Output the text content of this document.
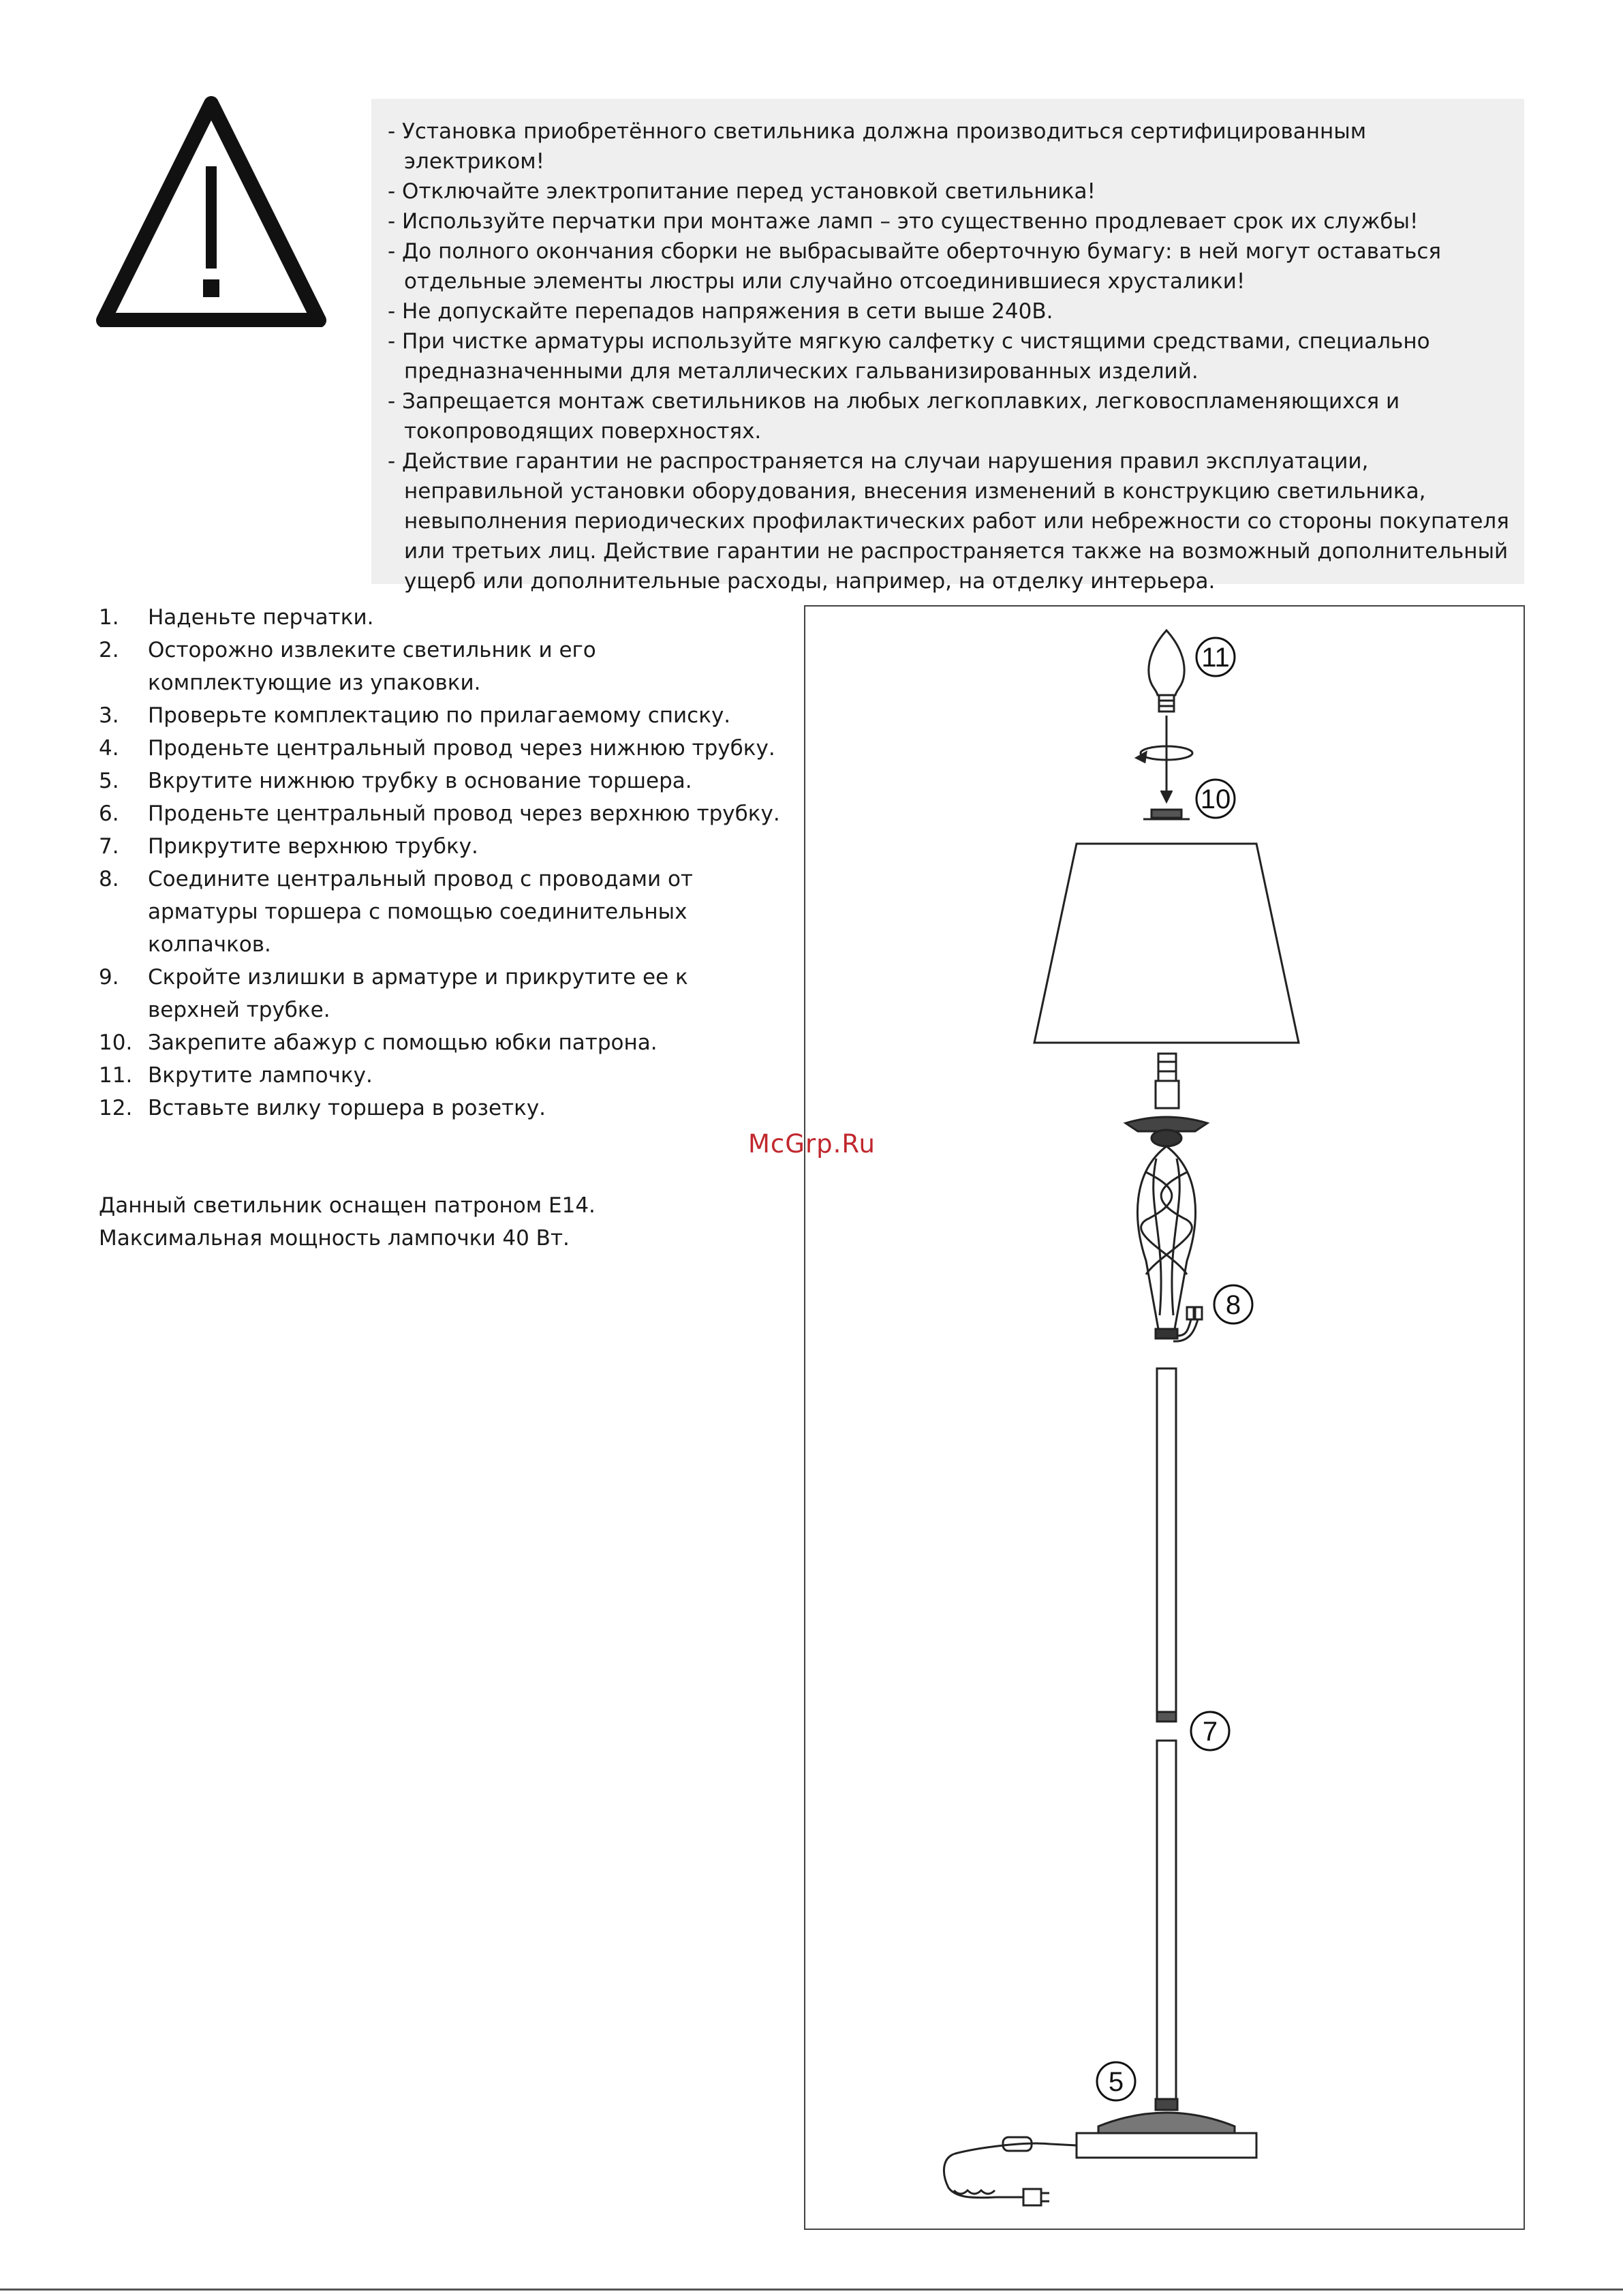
- Установка приобретённого светильника должна производиться сертифицированным электриком!
- Отключайте электропитание перед установкой светильника!
- Используйте перчатки при монтаже ламп – это существенно продлевает срок их службы!
- До полного окончания сборки не выбрасывайте оберточную бумагу: в ней могут оставаться отдельные элементы люстры или случайно отсоединившиеся хрусталики!
- Не допускайте перепадов напряжения в сети выше 240В.
- При чистке арматуры используйте мягкую салфетку с чистящими средствами, специально предназначенными для металлических гальванизированных изделий.
- Запрещается монтаж светильников на любых легкоплавких, легковоспламеняющихся и токопроводящих поверхностях.
- Действие гарантии не распространяется на случаи нарушения правил эксплуатации, неправильной установки оборудования, внесения изменений в конструкцию светильника, невыполнения периодических профилактических работ или небрежности со стороны покупателя или третьих лиц. Действие гарантии не распространяется также на возможный дополнительный ущерб или дополнительные расходы, например, на отделку интерьера.
1. Наденьте перчатки.
2. Осторожно извлеките светильник и его комплектующие из упаковки.
3. Проверьте комплектацию по прилагаемому списку.
4. Проденьте центральный провод через нижнюю трубку.
5. Вкрутите нижнюю трубку в основание торшера.
6. Проденьте центральный провод через верхнюю трубку.
7. Прикрутите верхнюю трубку.
8. Соедините центральный провод с проводами от арматуры торшера с помощью соединительных колпачков.
9. Скройте излишки в арматуре и прикрутите ее к верхней трубке.
10. Закрепите абажур с помощью юбки патрона.
11. Вкрутите лампочку.
12. Вставьте вилку торшера в розетку.
Данный светильник оснащен патроном Е14.
Максимальная мощность лампочки 40 Вт.
11
10
8
7
5
McGrp.Ru
